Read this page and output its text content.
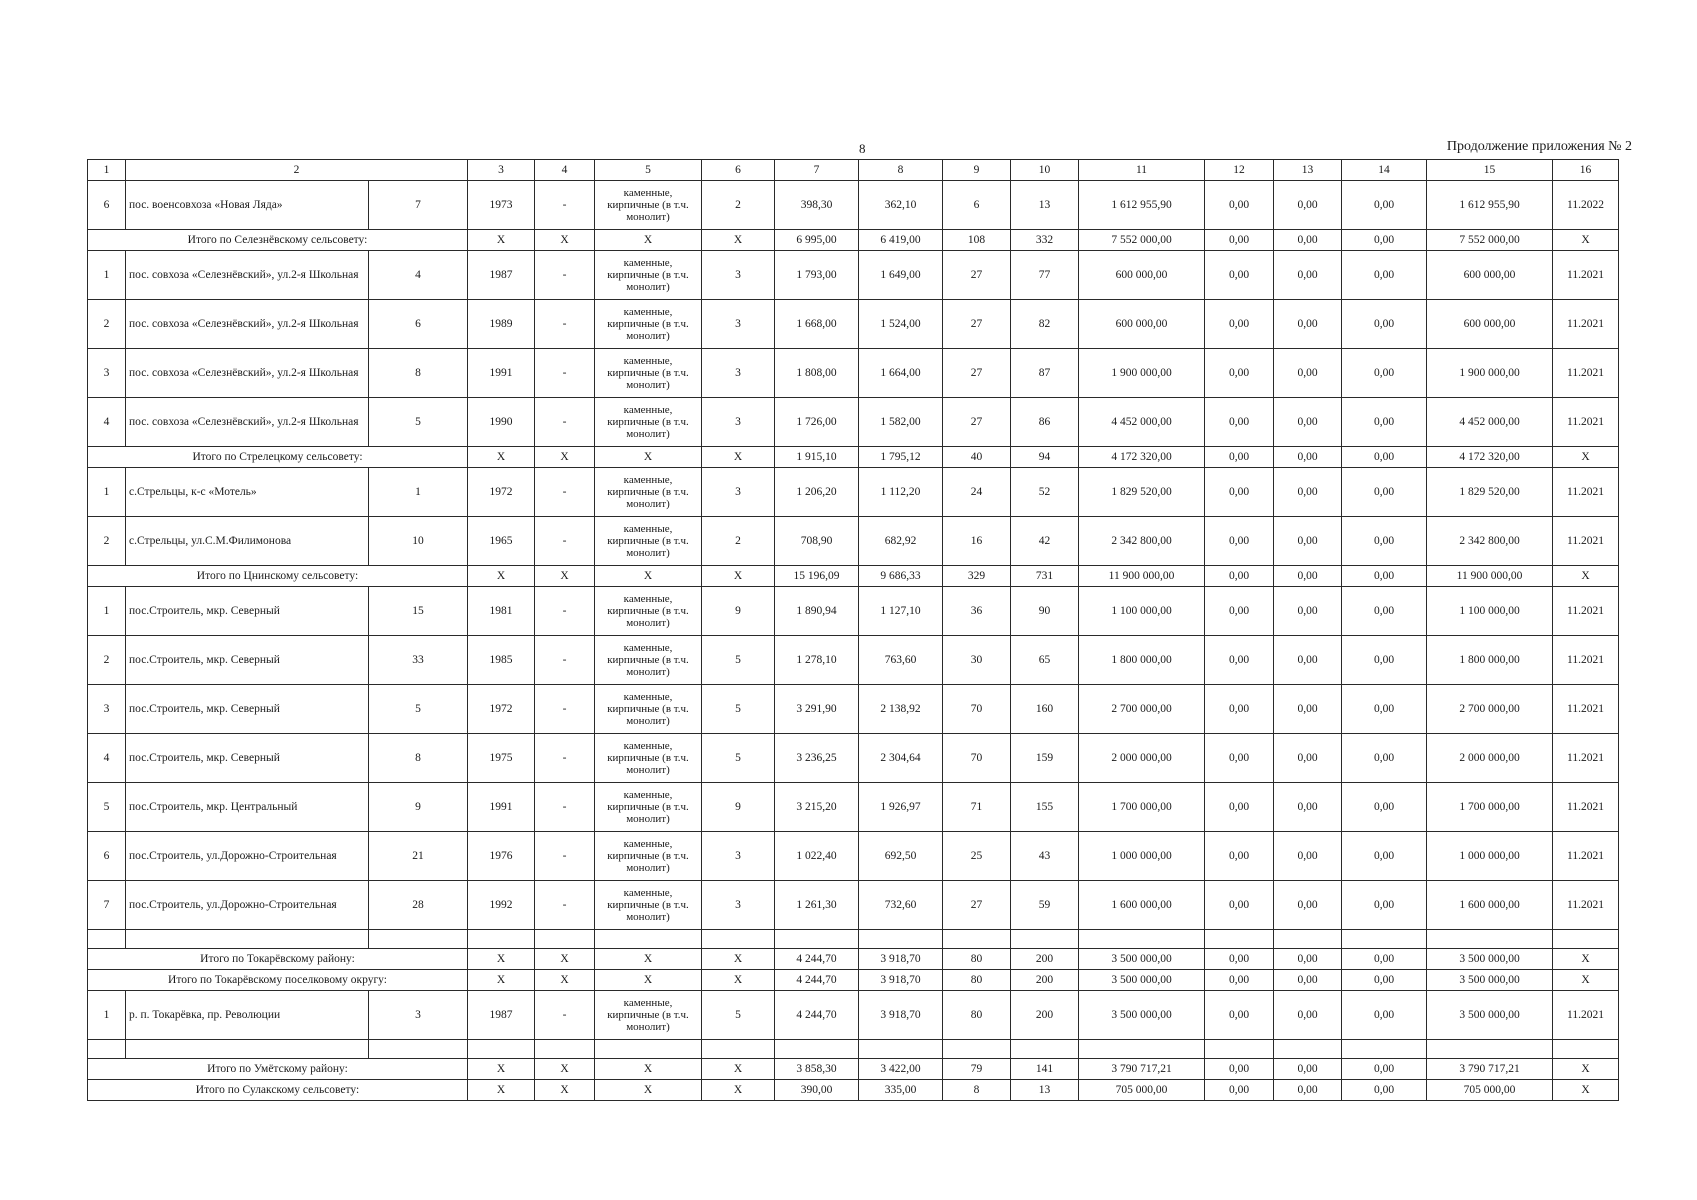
8	Продолжение приложения № 2
1	2		3	4	5	6	7	8	9	10	11	12	13	14	15	16
6	пос. военсовхоза «Новая Ляда»	7	1973	-	каменные, кирпичные (в т.ч. монолит)	2	398,30	362,10	6	13	1 612 955,90	0,00	0,00	0,00	1 612 955,90	11.2022
Итого по Селезнёвскому сельсовету:			X	X	X	X	6 995,00	6 419,00	108	332	7 552 000,00	0,00	0,00	0,00	7 552 000,00	X
1	пос. совхоза «Селезнёвский», ул.2-я Школьная	4	1987	-	каменные, кирпичные (в т.ч. монолит)	3	1 793,00	1 649,00	27	77	600 000,00	0,00	0,00	0,00	600 000,00	11.2021
2	пос. совхоза «Селезнёвский», ул.2-я Школьная	6	1989	-	каменные, кирпичные (в т.ч. монолит)	3	1 668,00	1 524,00	27	82	600 000,00	0,00	0,00	0,00	600 000,00	11.2021
3	пос. совхоза «Селезнёвский», ул.2-я Школьная	8	1991	-	каменные, кирпичные (в т.ч. монолит)	3	1 808,00	1 664,00	27	87	1 900 000,00	0,00	0,00	0,00	1 900 000,00	11.2021
4	пос. совхоза «Селезнёвский», ул.2-я Школьная	5	1990	-	каменные, кирпичные (в т.ч. монолит)	3	1 726,00	1 582,00	27	86	4 452 000,00	0,00	0,00	0,00	4 452 000,00	11.2021
Итого по Стрелецкому сельсовету:			X	X	X	X	1 915,10	1 795,12	40	94	4 172 320,00	0,00	0,00	0,00	4 172 320,00	X
1	с.Стрельцы, к-с «Мотель»	1	1972	-	каменные, кирпичные (в т.ч. монолит)	3	1 206,20	1 112,20	24	52	1 829 520,00	0,00	0,00	0,00	1 829 520,00	11.2021
2	с.Стрельцы, ул.С.М.Филимонова	10	1965	-	каменные, кирпичные (в т.ч. монолит)	2	708,90	682,92	16	42	2 342 800,00	0,00	0,00	0,00	2 342 800,00	11.2021
Итого по Цнинскому сельсовету:			X	X	X	X	15 196,09	9 686,33	329	731	11 900 000,00	0,00	0,00	0,00	11 900 000,00	X
1	пос.Строитель, мкр. Северный	15	1981	-	каменные, кирпичные (в т.ч. монолит)	9	1 890,94	1 127,10	36	90	1 100 000,00	0,00	0,00	0,00	1 100 000,00	11.2021
2	пос.Строитель, мкр. Северный	33	1985	-	каменные, кирпичные (в т.ч. монолит)	5	1 278,10	763,60	30	65	1 800 000,00	0,00	0,00	0,00	1 800 000,00	11.2021
3	пос.Строитель, мкр. Северный	5	1972	-	каменные, кирпичные (в т.ч. монолит)	5	3 291,90	2 138,92	70	160	2 700 000,00	0,00	0,00	0,00	2 700 000,00	11.2021
4	пос.Строитель, мкр. Северный	8	1975	-	каменные, кирпичные (в т.ч. монолит)	5	3 236,25	2 304,64	70	159	2 000 000,00	0,00	0,00	0,00	2 000 000,00	11.2021
5	пос.Строитель, мкр. Центральный	9	1991	-	каменные, кирпичные (в т.ч. монолит)	9	3 215,20	1 926,97	71	155	1 700 000,00	0,00	0,00	0,00	1 700 000,00	11.2021
6	пос.Строитель, ул.Дорожно-Строительная	21	1976	-	каменные, кирпичные (в т.ч. монолит)	3	1 022,40	692,50	25	43	1 000 000,00	0,00	0,00	0,00	1 000 000,00	11.2021
7	пос.Строитель, ул.Дорожно-Строительная	28	1992	-	каменные, кирпичные (в т.ч. монолит)	3	1 261,30	732,60	27	59	1 600 000,00	0,00	0,00	0,00	1 600 000,00	11.2021

Итого по Токарёвскому району:			X	X	X	X	4 244,70	3 918,70	80	200	3 500 000,00	0,00	0,00	0,00	3 500 000,00	X
Итого по Токарёвскому поселковому округу:			X	X	X	X	4 244,70	3 918,70	80	200	3 500 000,00	0,00	0,00	0,00	3 500 000,00	X
1	р. п. Токарёвка, пр. Революции	3	1987	-	каменные, кирпичные (в т.ч. монолит)	5	4 244,70	3 918,70	80	200	3 500 000,00	0,00	0,00	0,00	3 500 000,00	11.2021

Итого по Умётскому району:			X	X	X	X	3 858,30	3 422,00	79	141	3 790 717,21	0,00	0,00	0,00	3 790 717,21	X
Итого по Сулакскому сельсовету:			X	X	X	X	390,00	335,00	8	13	705 000,00	0,00	0,00	0,00	705 000,00	X
